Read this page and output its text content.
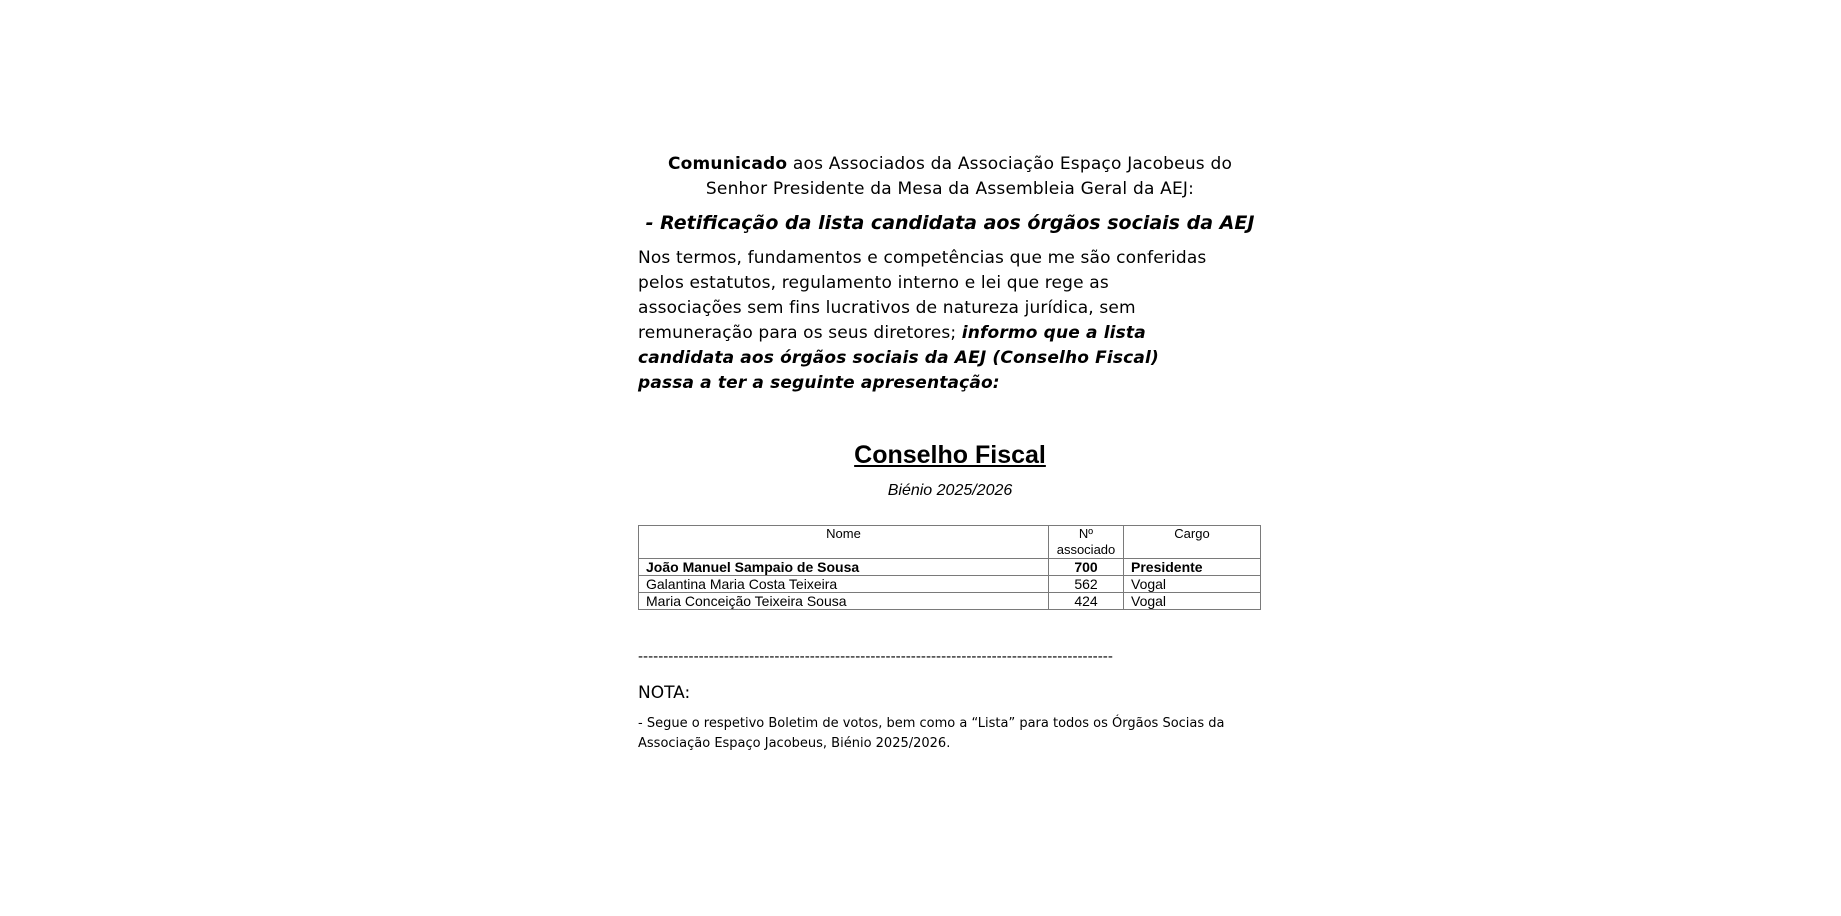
Comunicado aos Associados da Associação Espaço Jacobeus do Senhor Presidente da Mesa da Assembleia Geral da AEJ:

- Retificação da lista candidata aos órgãos sociais da AEJ

Nos termos, fundamentos e competências que me são conferidas pelos estatutos, regulamento interno e lei que rege as associações sem fins lucrativos de natureza jurídica, sem remuneração para os seus diretores; informo que a lista candidata aos órgãos sociais da AEJ (Conselho Fiscal) passa a ter a seguinte apresentação:

Conselho Fiscal
Biénio 2025/2026
Nome	Nº associado	Cargo
João Manuel Sampaio de Sousa	700	Presidente
Galantina Maria Costa Teixeira	562	Vogal
Maria Conceição Teixeira Sousa	424	Vogal
----------------------------------------------------------------------------------------------
NOTA:
- Segue o respetivo Boletim de votos, bem como a “Lista” para todos os Órgãos Socias da Associação Espaço Jacobeus, Biénio 2025/2026.
